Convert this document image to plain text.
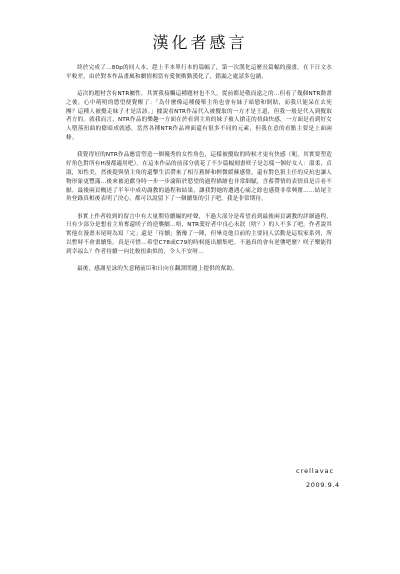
漢化者感言

終於完成了…80p的同人本，趕上半本單行本的篇幅了，第一次漢化這麼長篇幅的漫畫。在下日文水平較差，由於對本作品畫風和劇情相當有愛便衝動漢化了，錯漏之處請多包涵。

這次的題材含有NTR屬性，其實我接觸這種題材也不久，從前都是敬而遠之的…但看了幾個NTR動畫之後，心中萌明的慾望便覺醒了：「為什麼像這種傻柴主角也會有妹子暗戀和倒貼，而我只能呆在去死團？這種人被攪走妹子才是活該。」據說看NTR作品代入被攪取的一方才是王道，但我一般是代入到攪取者方的。就我而言，NTR作品的樂趣一方面在於看到主角的妹子被人搶走的扭曲快感，一方面是看到好女人墮落扭曲的陰暗成就感，當然各種NTR作品裡面還有很多不同的元素，但我在意的看點主要是上面兩條。

我覺得好的NTR作品應當塑造一個優秀的女性角色，這樣被攪取的時候才更有快感（呃，其實要塑造好角色對所有H漫都適用吧）。在這本作品的前部分就花了不少篇幅刻畫咲子是怎樣一個好女人：溫柔，貞淑，知性美，然後提與情主角的還擊生活帶來了相互舊鮮和輕微緩蘇感覺，還有對色狼主任的反抗也讓人物形象更豐滿…後來被迫獻身時一步一步淪陷於慾望的過程描繪也非常細膩，含蓄帶情的表情真是百看不厭。最後兩頁概述了半年中成功調教的過程和結果，讓我對她的遭遇心痛之餘也感覺非常興奮……結尾主角登錄真相後表明了決心，都可以說留下了一個續集的引子吧，我是非常期待。

事實上作者收到的留言中有大量期待續編的呼聲，不過大部分是希望看到最後兩頁調教的詳細過程，只有少部分是想看主角奪還咲子的逆襲劇…唔，NTR愛好者中良心未泯（啥？）的人不多了吧。作者說其實他在漫畫末尾時為寫「完」還是「待續」猶豫了一陣，但畢竟他目前的主要同人活動是這坂家系列，所以暫時不會畫續集。真是可惜…希望C78或C79的時候能出續集吧。不過真的會有逆襲吧麼？咲子樂能得到幸福么？作者持續一向比較扭曲似的，令人不安呀…

最後，感謝星詠的失意精前臣和日向在翻譯問題上提供的幫助。

crellavac

2009.9.4
